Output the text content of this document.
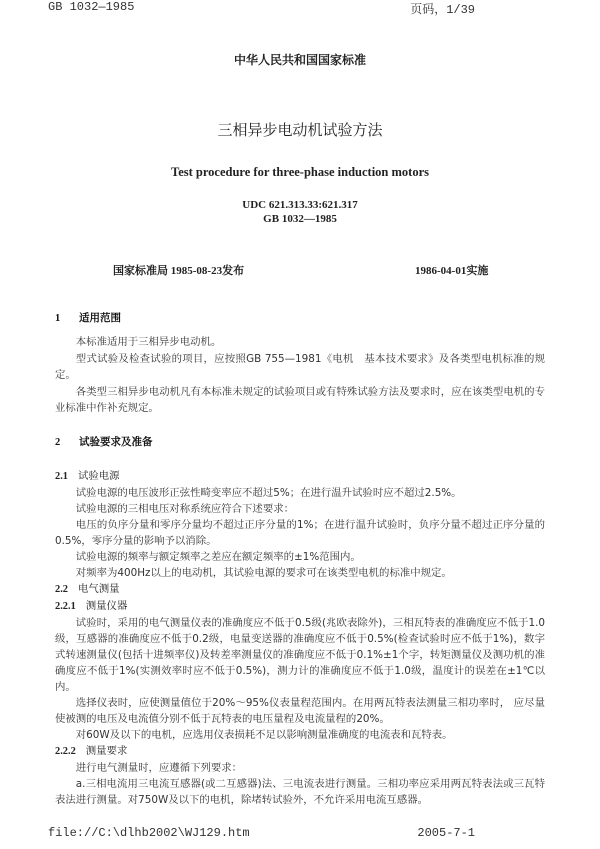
GB 1032—1985	页码，1/39
中华人民共和国国家标准
三相异步电动机试验方法
Test procedure for three-phase induction motors
UDC 621.313.33:621.317
GB 1032—1985
国家标准局 1985-08-23发布	1986-04-01实施
1 适用范围
本标准适用于三相异步电动机。
型式试验及检查试验的项目，应按照GB 755—1981《电机　基本技术要求》及各类型电机标准的规定。
各类型三相异步电动机凡有本标准未规定的试验项目或有特殊试验方法及要求时，应在该类型电机的专业标准中作补充规定。
2 试验要求及准备
2.1 试验电源
试验电源的电压波形正弦性畸变率应不超过5%；在进行温升试验时应不超过2.5%。
试验电源的三相电压对称系统应符合下述要求：
电压的负序分量和零序分量均不超过正序分量的1%；在进行温升试验时，负序分量不超过正序分量的0.5%，零序分量的影响予以消除。
试验电源的频率与额定频率之差应在额定频率的±1%范围内。
对频率为400Hz以上的电动机，其试验电源的要求可在该类型电机的标准中规定。
2.2 电气测量
2.2.1 测量仪器
试验时，采用的电气测量仪表的准确度应不低于0.5级(兆欧表除外)，三相瓦特表的准确度应不低于1.0级，互感器的准确度应不低于0.2级，电量变送器的准确度应不低于0.5%(检查试验时应不低于1%)，数字式转速测量仪(包括十进频率仪)及转差率测量仪的准确度应不低于0.1%±1个字，转矩测量仪及测功机的准确度应不低于1%(实测效率时应不低于0.5%)，测力计的准确度应不低于1.0级，温度计的误差在±1℃以内。
选择仪表时，应使测量值位于20%～95%仪表量程范围内。在用两瓦特表法测量三相功率时， 应尽量使被测的电压及电流值分别不低于瓦特表的电压量程及电流量程的20%。
对60W及以下的电机，应选用仪表损耗不足以影响测量准确度的电流表和瓦特表。
2.2.2 测量要求
进行电气测量时，应遵循下列要求：
a.三相电流用三电流互感器(或二互感器)法、三电流表进行测量。三相功率应采用两瓦特表法或三瓦特表法进行测量。对750W及以下的电机，除堵转试验外，不允许采用电流互感器。
file://C:\dlhb2002\WJ129.htm	2005-7-1
